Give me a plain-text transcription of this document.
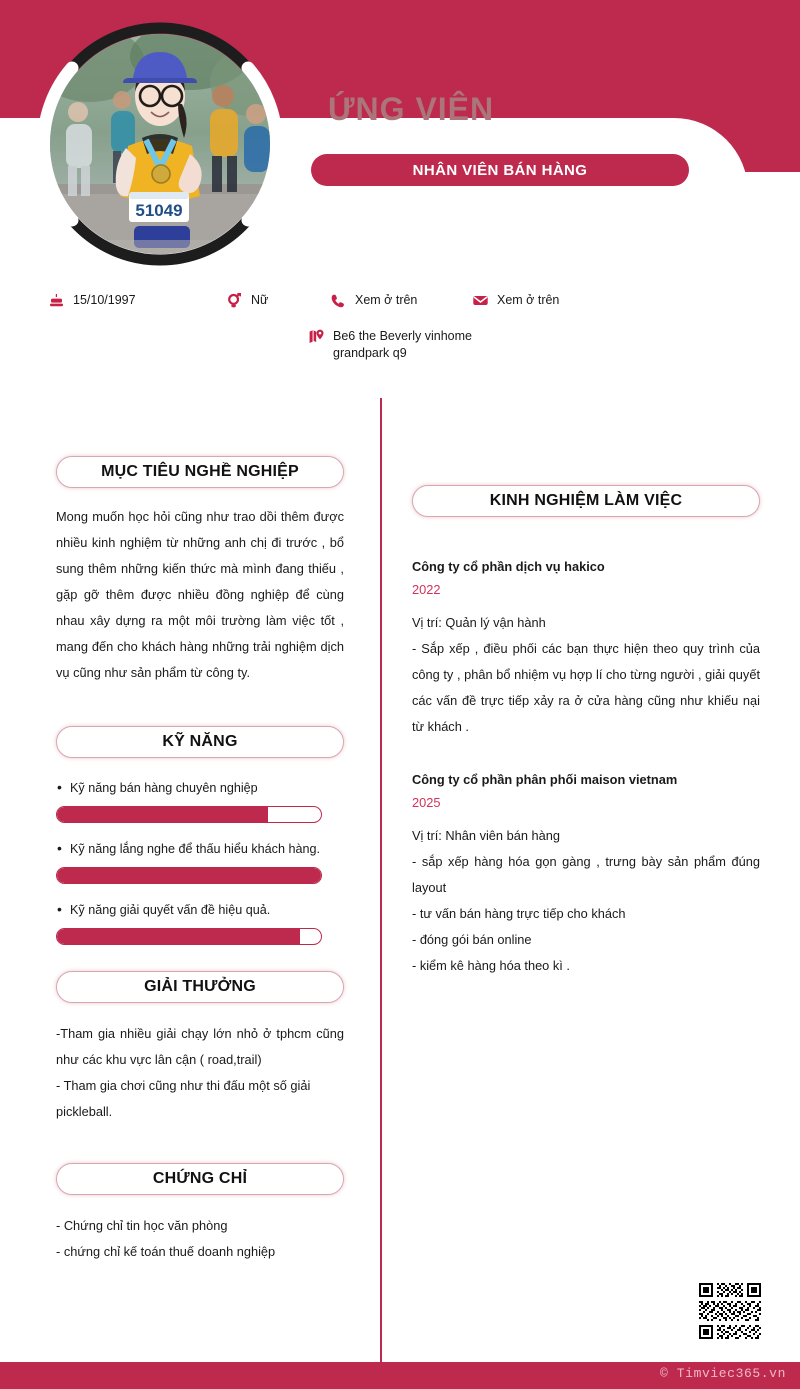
51049
ỨNG VIÊN
NHÂN VIÊN BÁN HÀNG
15/10/1997	Nữ	Xem ở trên	Xem ở trên
Be6 the Beverly vinhome grandpark q9
MỤC TIÊU NGHỀ NGHIỆP
Mong muốn học hỏi cũng như trao dồi thêm được nhiều kinh nghiệm từ những anh chị đi trước , bổ sung thêm những kiến thức mà mình đang thiếu , gặp gỡ thêm được nhiều đồng nghiệp để cùng nhau xây dựng ra một môi trường làm việc tốt , mang đến cho khách hàng những trải nghiệm dịch vụ cũng như sản phẩm từ công ty.
KỸ NĂNG
• Kỹ năng bán hàng chuyên nghiệp
• Kỹ năng lắng nghe để thấu hiểu khách hàng.
• Kỹ năng giải quyết vấn đề hiệu quả.
GIẢI THƯỞNG
-Tham gia nhiều giải chạy lớn nhỏ ở tphcm cũng như các khu vực lân cận ( road,trail)
- Tham gia chơi cũng như thi đấu một số giải pickleball.
CHỨNG CHỈ
- Chứng chỉ tin học văn phòng
- chứng chỉ kế toán thuế doanh nghiệp
KINH NGHIỆM LÀM VIỆC
Công ty cổ phần dịch vụ hakico
2022
Vị trí: Quản lý vận hành
- Sắp xếp , điều phối các bạn thực hiện theo quy trình của công ty , phân bổ nhiệm vụ hợp lí cho từng người , giải quyết các vấn đề trực tiếp xảy ra ở cửa hàng cũng như khiếu nại từ khách .
Công ty cổ phần phân phối maison vietnam
2025
Vị trí: Nhân viên bán hàng
- sắp xếp hàng hóa gọn gàng , trưng bày sản phẩm đúng layout
- tư vấn bán hàng trực tiếp cho khách
- đóng gói bán online
- kiểm kê hàng hóa theo kì .
© Timviec365.vn
